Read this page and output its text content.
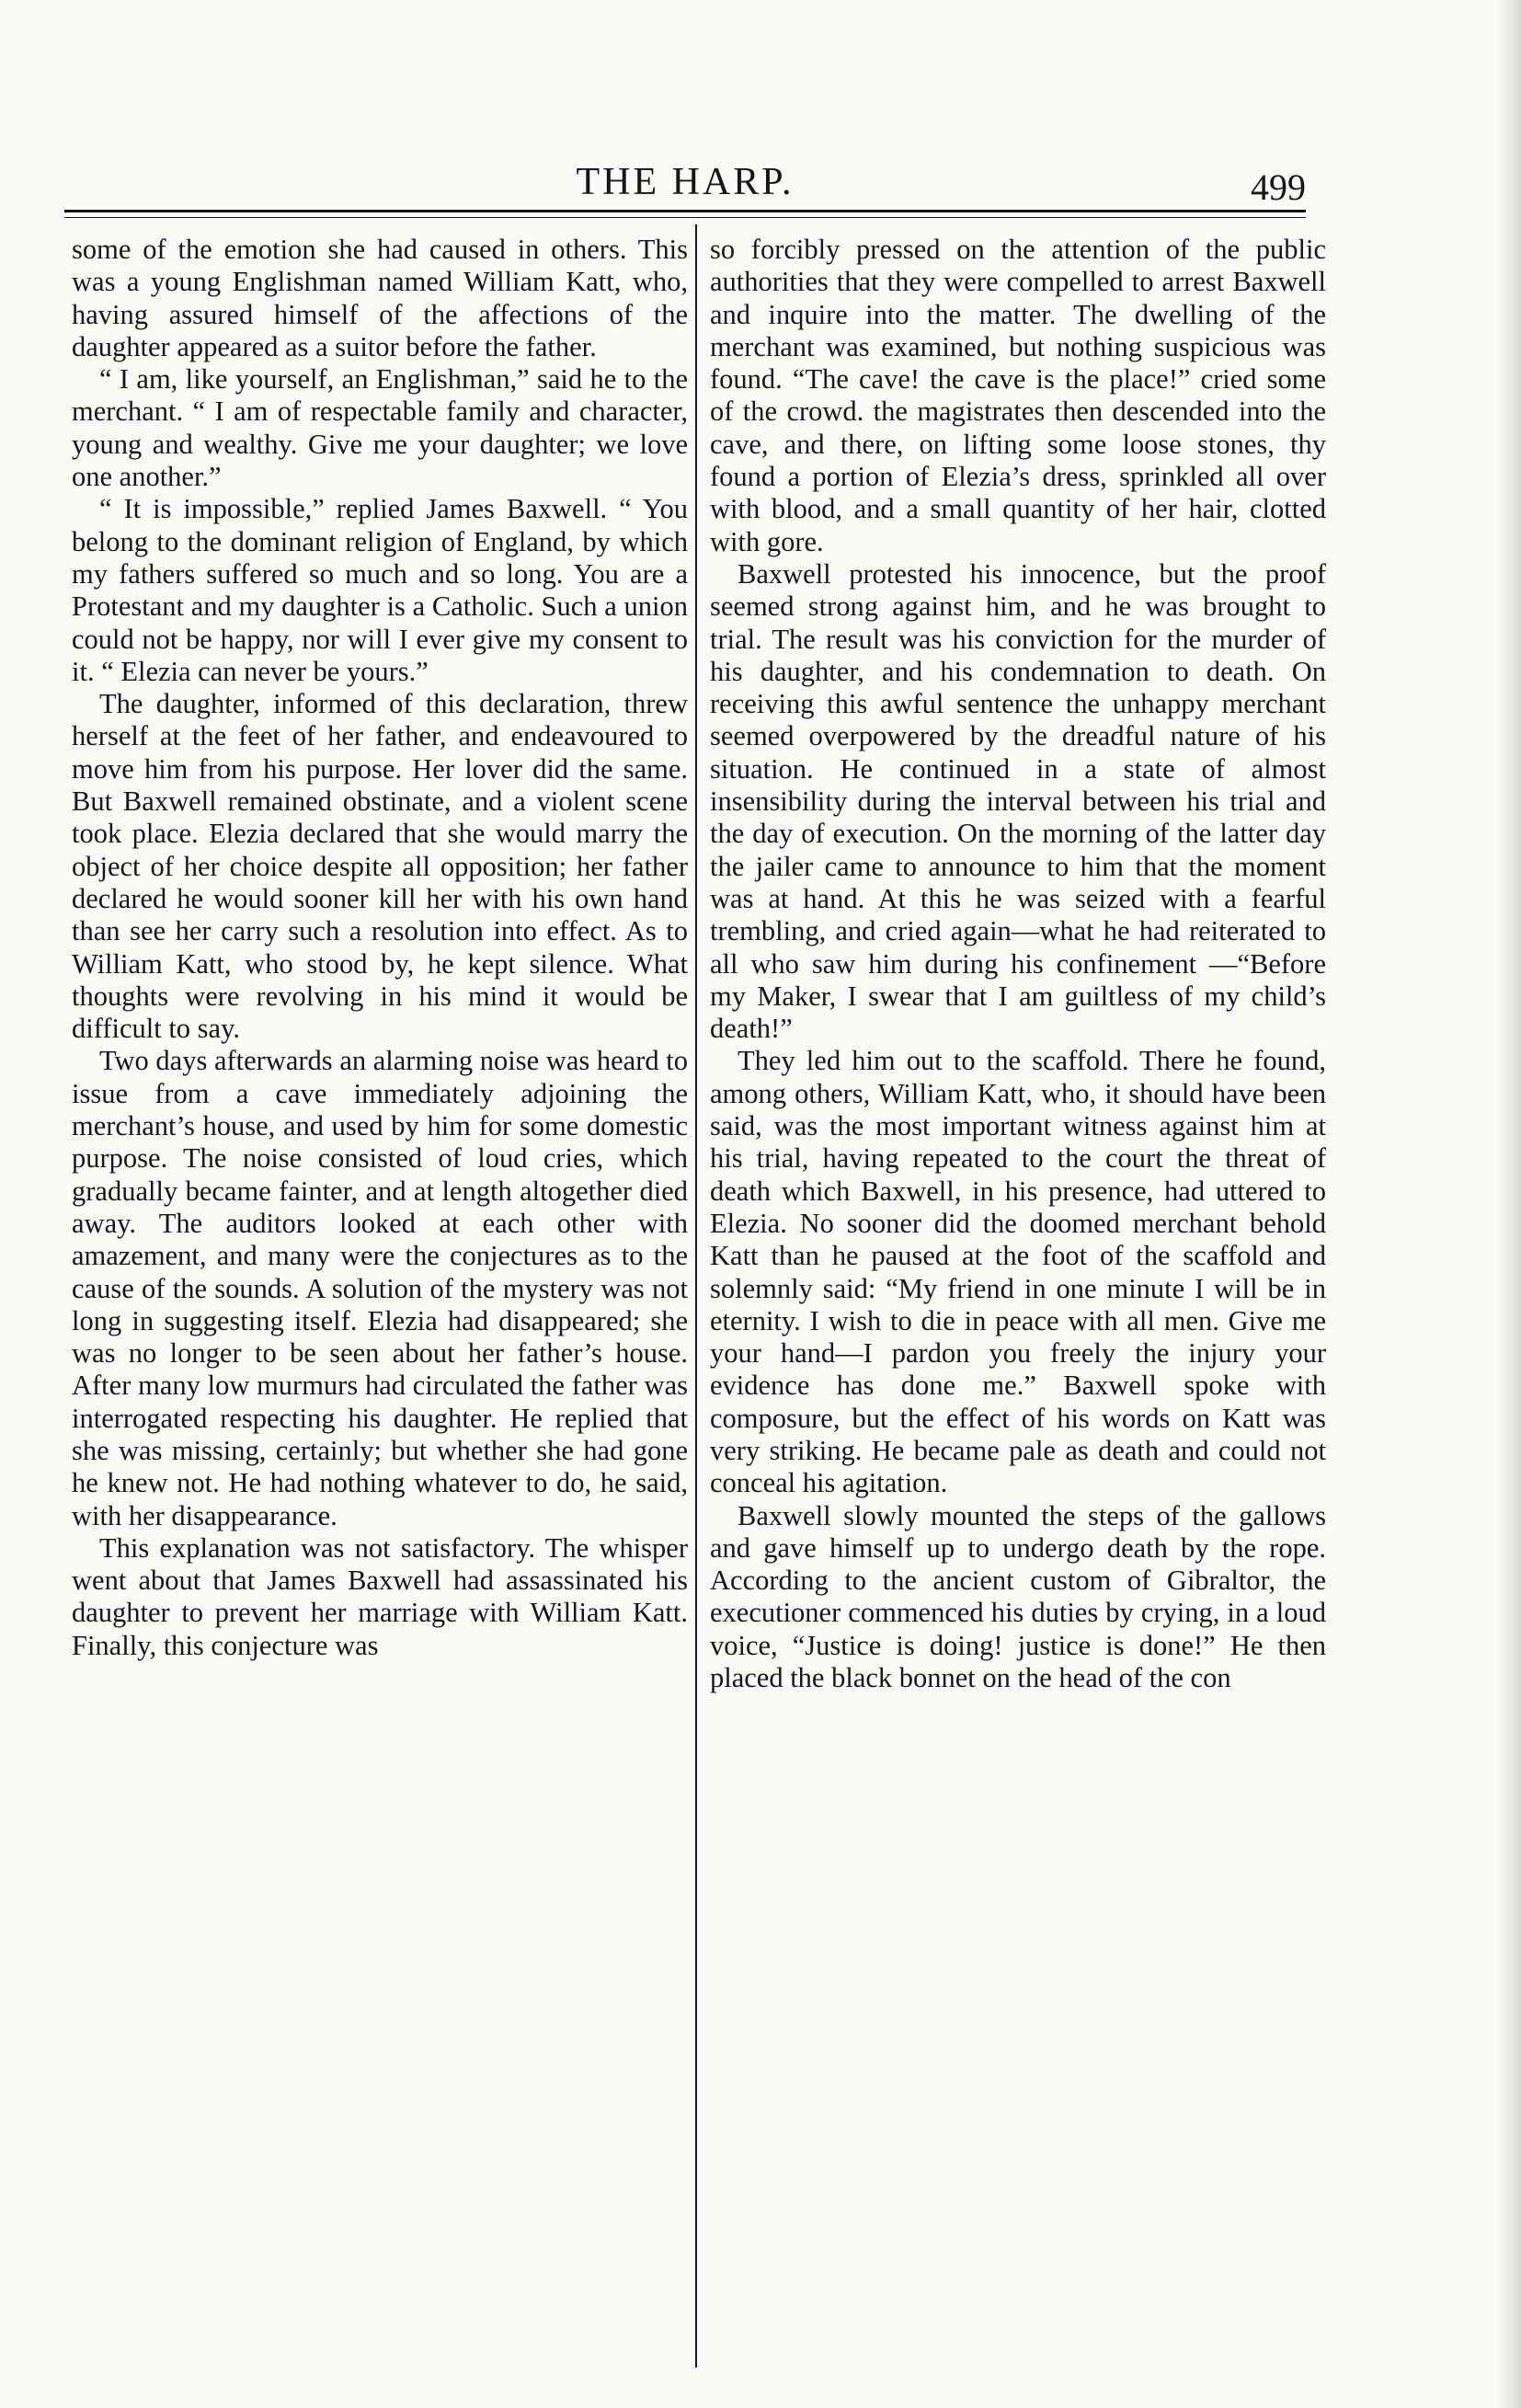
THE HARP.	499

some of the emotion she had caused in others. This was a young Englishman named William Katt, who, having assured himself of the affections of the daughter appeared as a suitor before the father.

“ I am, like yourself, an Englishman,” said he to the merchant. “ I am of respectable family and character, young and wealthy. Give me your daughter; we love one another.”

“ It is impossible,” replied James Baxwell. “ You belong to the dominant religion of England, by which my fathers suffered so much and so long. You are a Protestant and my daughter is a Catholic. Such a union could not be happy, nor will I ever give my consent to it. “ Elezia can never be yours.”

The daughter, informed of this declaration, threw herself at the feet of her father, and endeavoured to move him from his purpose. Her lover did the same. But Baxwell remained obstinate, and a violent scene took place. Elezia declared that she would marry the object of her choice despite all opposition; her father declared he would sooner kill her with his own hand than see her carry such a resolution into effect. As to William Katt, who stood by, he kept silence. What thoughts were revolving in his mind it would be difficult to say.

Two days afterwards an alarming noise was heard to issue from a cave immediately adjoining the merchant’s house, and used by him for some domestic purpose. The noise consisted of loud cries, which gradually became fainter, and at length altogether died away. The auditors looked at each other with amazement, and many were the conjectures as to the cause of the sounds. A solution of the mystery was not long in suggesting itself. Elezia had disappeared; she was no longer to be seen about her father’s house. After many low murmurs had circulated the father was interrogated respecting his daughter. He replied that she was missing, certainly; but whether she had gone he knew not. He had nothing whatever to do, he said, with her disappearance.

This explanation was not satisfactory. The whisper went about that James Baxwell had assassinated his daughter to prevent her marriage with William Katt. Finally, this conjecture was

so forcibly pressed on the attention of the public authorities that they were compelled to arrest Baxwell and inquire into the matter. The dwelling of the merchant was examined, but nothing suspicious was found. “The cave! the cave is the place!” cried some of the crowd. the magistrates then descended into the cave, and there, on lifting some loose stones, thy found a portion of Elezia’s dress, sprinkled all over with blood, and a small quantity of her hair, clotted with gore.

Baxwell protested his innocence, but the proof seemed strong against him, and he was brought to trial. The result was his conviction for the murder of his daughter, and his condemnation to death. On receiving this awful sentence the unhappy merchant seemed overpowered by the dreadful nature of his situation. He continued in a state of almost insensibility during the interval between his trial and the day of execution. On the morning of the latter day the jailer came to announce to him that the moment was at hand. At this he was seized with a fearful trembling, and cried again—what he had reiterated to all who saw him during his confinement —“Before my Maker, I swear that I am guiltless of my child’s death!”

They led him out to the scaffold. There he found, among others, William Katt, who, it should have been said, was the most important witness against him at his trial, having repeated to the court the threat of death which Baxwell, in his presence, had uttered to Elezia. No sooner did the doomed merchant behold Katt than he paused at the foot of the scaffold and solemnly said: “My friend in one minute I will be in eternity. I wish to die in peace with all men. Give me your hand—I pardon you freely the injury your evidence has done me.” Baxwell spoke with composure, but the effect of his words on Katt was very striking. He became pale as death and could not conceal his agitation.

Baxwell slowly mounted the steps of the gallows and gave himself up to undergo death by the rope. According to the ancient custom of Gibraltor, the executioner commenced his duties by crying, in a loud voice, “Justice is doing! justice is done!” He then placed the black bonnet on the head of the con
